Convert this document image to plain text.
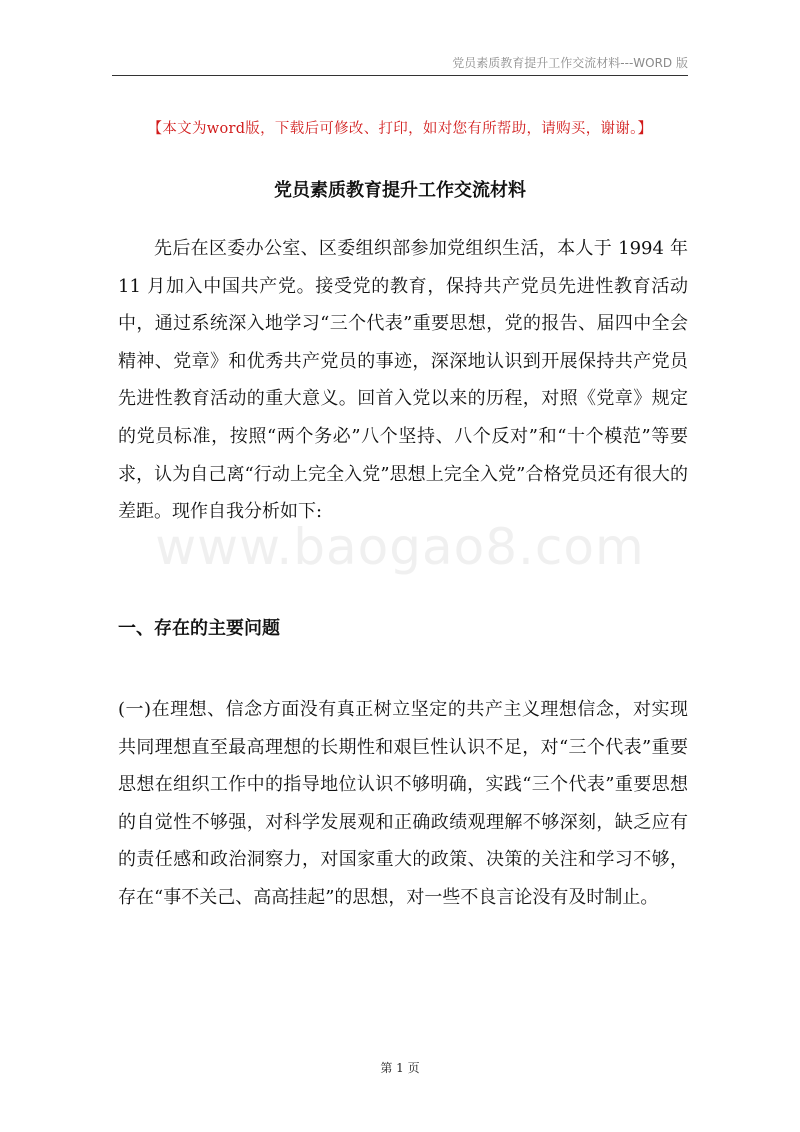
党员素质教育提升工作交流材料---WORD 版
www.baogao8.com
【本文为word版，下载后可修改、打印，如对您有所帮助，请购买，谢谢。】
党员素质教育提升工作交流材料

先后在区委办公室、区委组织部参加党组织生活，本人于 1994 年 11 月加入中国共产党。接受党的教育，保持共产党员先进性教育活动中，通过系统深入地学习“三个代表”重要思想，党的报告、届四中全会精神、党章》和优秀共产党员的事迹，深深地认识到开展保持共产党员先进性教育活动的重大意义。回首入党以来的历程，对照《党章》规定的党员标准，按照“两个务必”八个坚持、八个反对”和“十个模范”等要求，认为自己离“行动上完全入党”思想上完全入党”合格党员还有很大的差距。现作自我分析如下:

一、存在的主要问题

(一)在理想、信念方面没有真正树立坚定的共产主义理想信念，对实现共同理想直至最高理想的长期性和艰巨性认识不足，对“三个代表”重要思想在组织工作中的指导地位认识不够明确，实践“三个代表”重要思想的自觉性不够强，对科学发展观和正确政绩观理解不够深刻，缺乏应有的责任感和政治洞察力，对国家重大的政策、决策的关注和学习不够，存在“事不关己、高高挂起”的思想，对一些不良言论没有及时制止。

第 1 页
